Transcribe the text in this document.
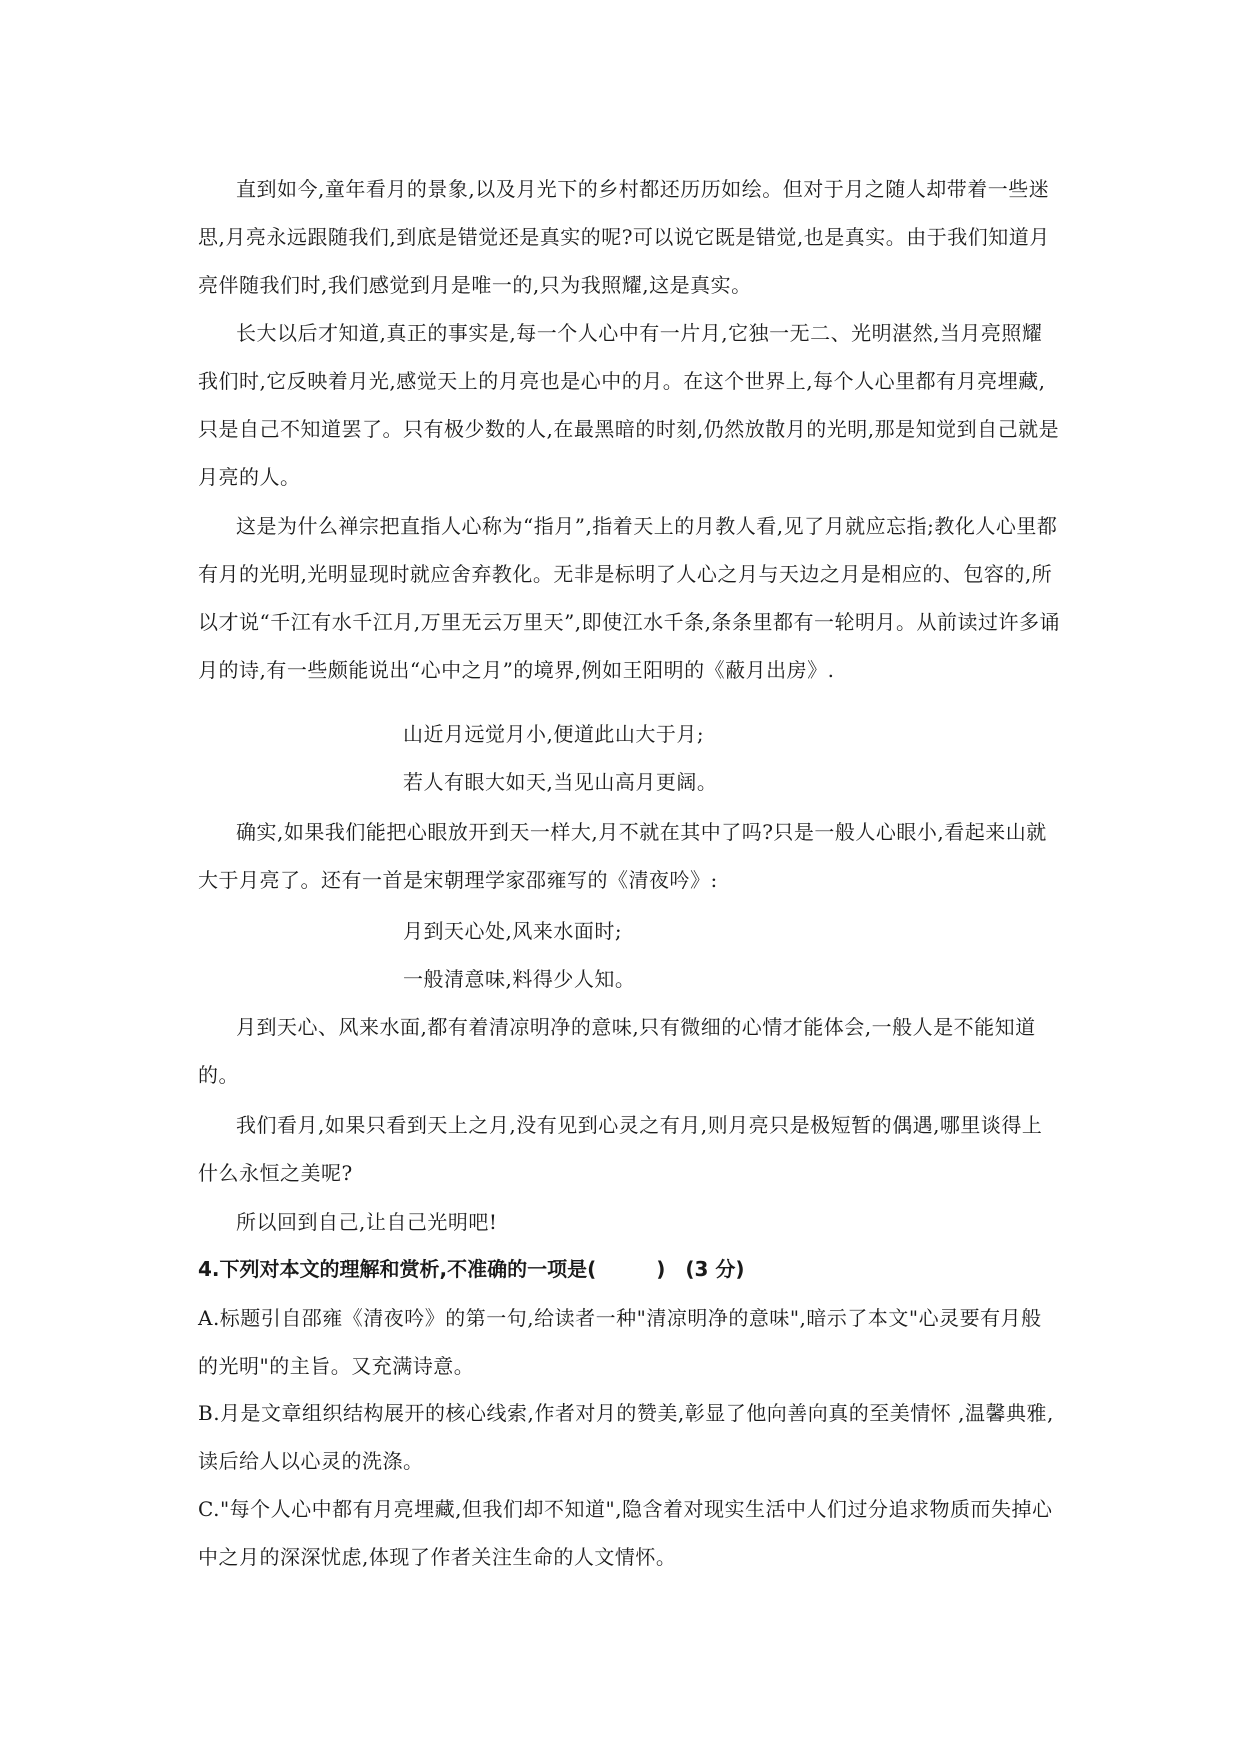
直到如今,童年看月的景象,以及月光下的乡村都还历历如绘。但对于月之随人却带着一些迷思,月亮永远跟随我们,到底是错觉还是真实的呢?可以说它既是错觉,也是真实。由于我们知道月亮伴随我们时,我们感觉到月是唯一的,只为我照耀,这是真实。

长大以后才知道,真正的事实是,每一个人心中有一片月,它独一无二、光明湛然,当月亮照耀我们时,它反映着月光,感觉天上的月亮也是心中的月。在这个世界上,每个人心里都有月亮埋藏,只是自己不知道罢了。只有极少数的人,在最黑暗的时刻,仍然放散月的光明,那是知觉到自己就是月亮的人。

这是为什么禅宗把直指人心称为“指月”,指着天上的月教人看,见了月就应忘指;教化人心里都有月的光明,光明显现时就应舍弃教化。无非是标明了人心之月与天边之月是相应的、包容的,所以才说“千江有水千江月,万里无云万里天”,即使江水千条,条条里都有一轮明月。从前读过许多诵月的诗,有一些颇能说出“心中之月”的境界,例如王阳明的《蔽月出房》.

山近月远觉月小,便道此山大于月;

若人有眼大如天,当见山高月更阔。

确实,如果我们能把心眼放开到天一样大,月不就在其中了吗?只是一般人心眼小,看起来山就大于月亮了。还有一首是宋朝理学家邵雍写的《清夜吟》:

月到天心处,风来水面时;

一般清意味,料得少人知。

月到天心、风来水面,都有着清凉明净的意味,只有微细的心情才能体会,一般人是不能知道的。

我们看月,如果只看到天上之月,没有见到心灵之有月,则月亮只是极短暂的偶遇,哪里谈得上什么永恒之美呢?

所以回到自己,让自己光明吧!

4.下列对本文的理解和赏析,不准确的一项是(　　　)　(3 分)

A.标题引自邵雍《清夜吟》的第一句,给读者一种"清凉明净的意味",暗示了本文"心灵要有月般的光明"的主旨。又充满诗意。

B.月是文章组织结构展开的核心线索,作者对月的赞美,彰显了他向善向真的至美情怀 ,温馨典雅,读后给人以心灵的洗涤。

C."每个人心中都有月亮埋藏,但我们却不知道",隐含着对现实生活中人们过分追求物质而失掉心中之月的深深忧虑,体现了作者关注生命的人文情怀。
